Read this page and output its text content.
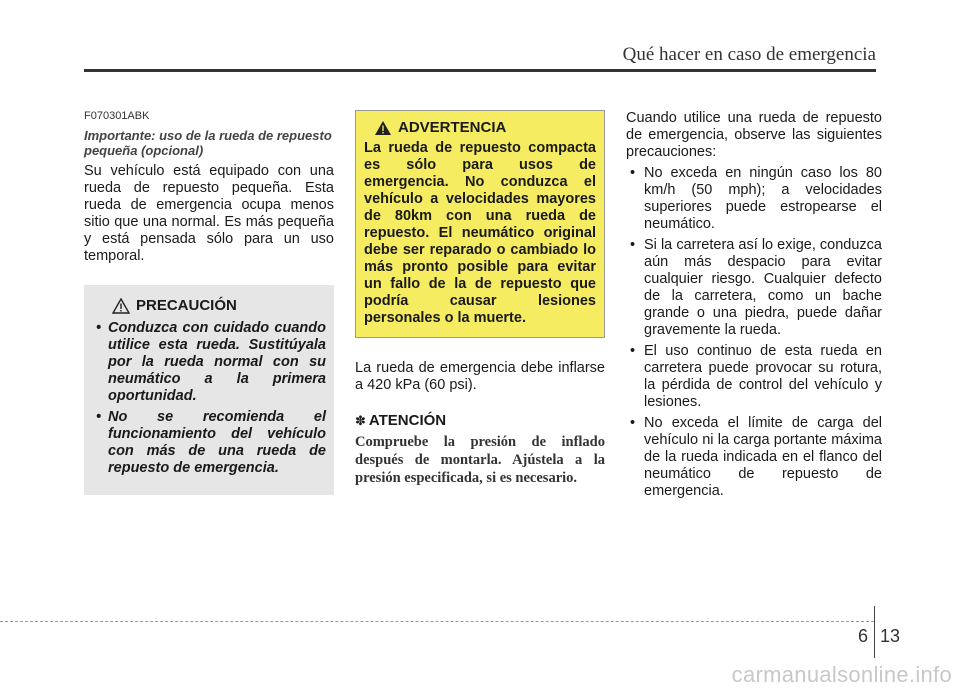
Qué hacer en caso de emergencia
F070301ABK
Importante: uso de la rueda de repuesto pequeña (opcional)

Su vehículo está equipado con una rueda de repuesto pequeña. Esta rueda de emergencia ocupa menos sitio que una normal. Es más pequeña y está pensada sólo para un uso temporal.

PRECAUCIÓN
• Conduzca con cuidado cuando utilice esta rueda. Sustitúyala por la rueda normal con su neumático a la primera oportunidad.
• No se recomienda el funcionamiento del vehículo con más de una rueda de repuesto de emergencia.
ADVERTENCIA

La rueda de repuesto compacta es sólo para usos de emergencia. No conduzca el vehículo a velocidades mayores de 80km con una rueda de repuesto. El neumático original debe ser reparado o cambiado lo más pronto posible para evitar un fallo de la de repuesto que podría causar lesiones personales o la muerte.

La rueda de emergencia debe inflarse a 420 kPa (60 psi).

✽ ATENCIÓN
Compruebe la presión de inflado después de montarla. Ajústela a la presión especificada, si es necesario.

Cuando utilice una rueda de repuesto de emergencia, observe las siguientes precauciones:

• No exceda en ningún caso los 80 km/h (50 mph); a velocidades superiores puede estropearse el neumático.
• Si la carretera así lo exige, conduzca aún más despacio para evitar cualquier riesgo. Cualquier defecto de la carretera, como un bache grande o una piedra, puede dañar gravemente la rueda.
• El uso continuo de esta rueda en carretera puede provocar su rotura, la pérdida de control del vehículo y lesiones.
• No exceda el límite de carga del vehículo ni la carga portante máxima de la rueda indicada en el flanco del neumático de repuesto de emergencia.
6 13
carmanualsonline.info
